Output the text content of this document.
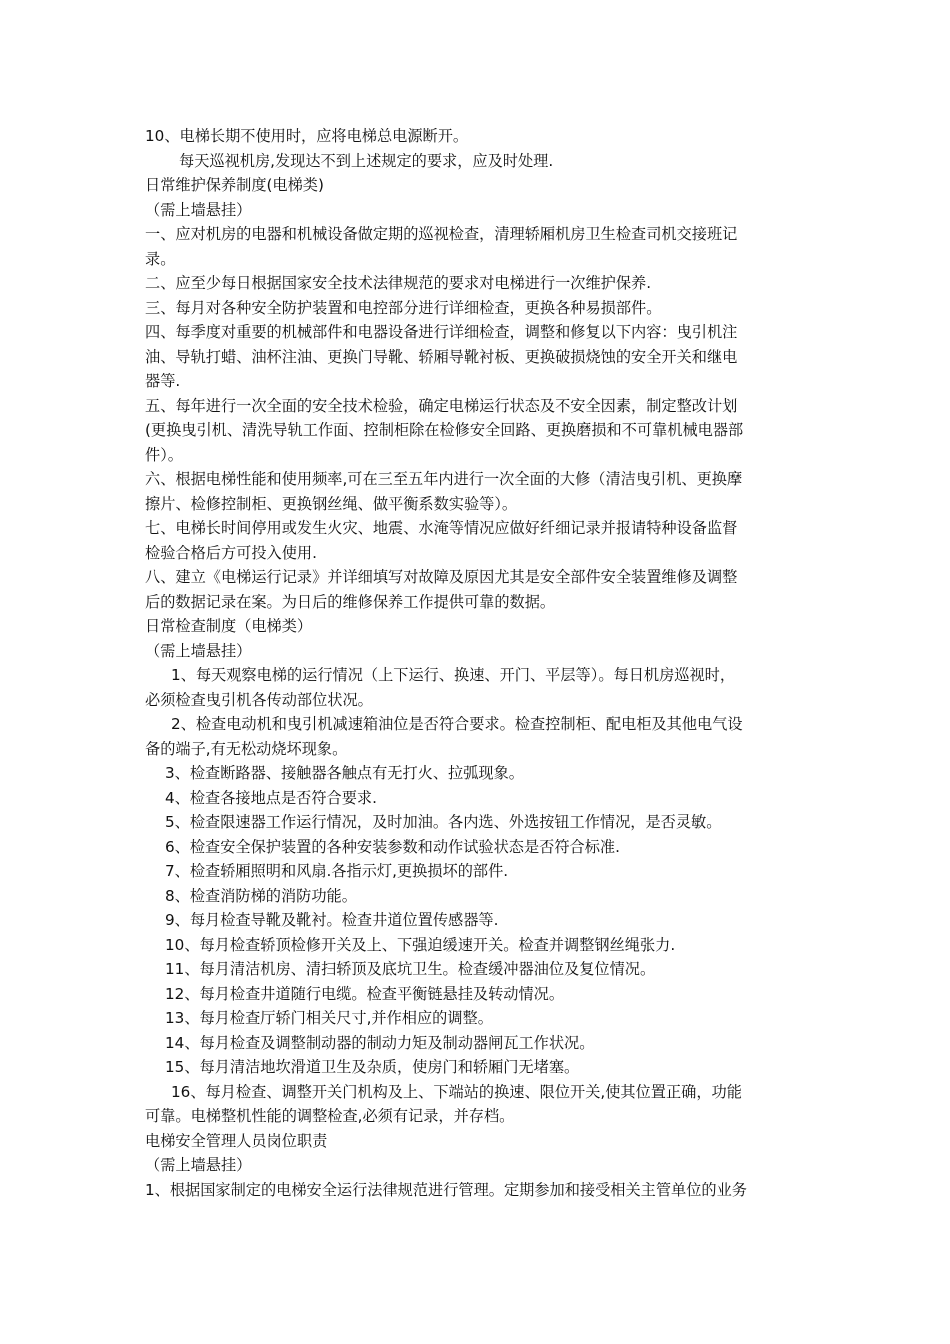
10、电梯长期不使用时，应将电梯总电源断开。

每天巡视机房,发现达不到上述规定的要求，应及时处理.

日常维护保养制度(电梯类)

（需上墙悬挂）

一、应对机房的电器和机械设备做定期的巡视检查，清理轿厢机房卫生检查司机交接班记

录。

二、应至少每日根据国家安全技术法律规范的要求对电梯进行一次维护保养.

三、每月对各种安全防护装置和电控部分进行详细检查，更换各种易损部件。

四、每季度对重要的机械部件和电器设备进行详细检查，调整和修复以下内容：曳引机注

油、导轨打蜡、油杯注油、更换门导靴、轿厢导靴衬板、更换破损烧蚀的安全开关和继电

器等.

五、每年进行一次全面的安全技术检验，确定电梯运行状态及不安全因素，制定整改计划

(更换曳引机、清洗导轨工作面、控制柜除在检修安全回路、更换磨损和不可靠机械电器部

件）。

六、根据电梯性能和使用频率,可在三至五年内进行一次全面的大修（清洁曳引机、更换摩

擦片、检修控制柜、更换钢丝绳、做平衡系数实验等）。

七、电梯长时间停用或发生火灾、地震、水淹等情况应做好纤细记录并报请特种设备监督

检验合格后方可投入使用.

八、建立《电梯运行记录》并详细填写对故障及原因尤其是安全部件安全装置维修及调整

后的数据记录在案。为日后的维修保养工作提供可靠的数据。

日常检查制度（电梯类）

（需上墙悬挂）

1、每天观察电梯的运行情况（上下运行、换速、开门、平层等）。每日机房巡视时，

必须检查曳引机各传动部位状况。

2、检查电动机和曳引机减速箱油位是否符合要求。检查控制柜、配电柜及其他电气设

备的端子,有无松动烧坏现象。

3、检查断路器、接触器各触点有无打火、拉弧现象。

4、检查各接地点是否符合要求.

5、检查限速器工作运行情况，及时加油。各内选、外选按钮工作情况，是否灵敏。

6、检查安全保护装置的各种安装参数和动作试验状态是否符合标准.

7、检查轿厢照明和风扇.各指示灯,更换损坏的部件.

8、检查消防梯的消防功能。

9、每月检查导靴及靴衬。检查井道位置传感器等.

10、每月检查轿顶检修开关及上、下强迫缓速开关。检查并调整钢丝绳张力.

11、每月清洁机房、清扫轿顶及底坑卫生。检查缓冲器油位及复位情况。

12、每月检查井道随行电缆。检查平衡链悬挂及转动情况。

13、每月检查厅轿门相关尺寸,并作相应的调整。

14、每月检查及调整制动器的制动力矩及制动器闸瓦工作状况。

15、每月清洁地坎滑道卫生及杂质，使房门和轿厢门无堵塞。

16、每月检查、调整开关门机构及上、下端站的换速、限位开关,使其位置正确，功能

可靠。电梯整机性能的调整检查,必须有记录，并存档。

电梯安全管理人员岗位职责

（需上墙悬挂）

1、根据国家制定的电梯安全运行法律规范进行管理。定期参加和接受相关主管单位的业务
